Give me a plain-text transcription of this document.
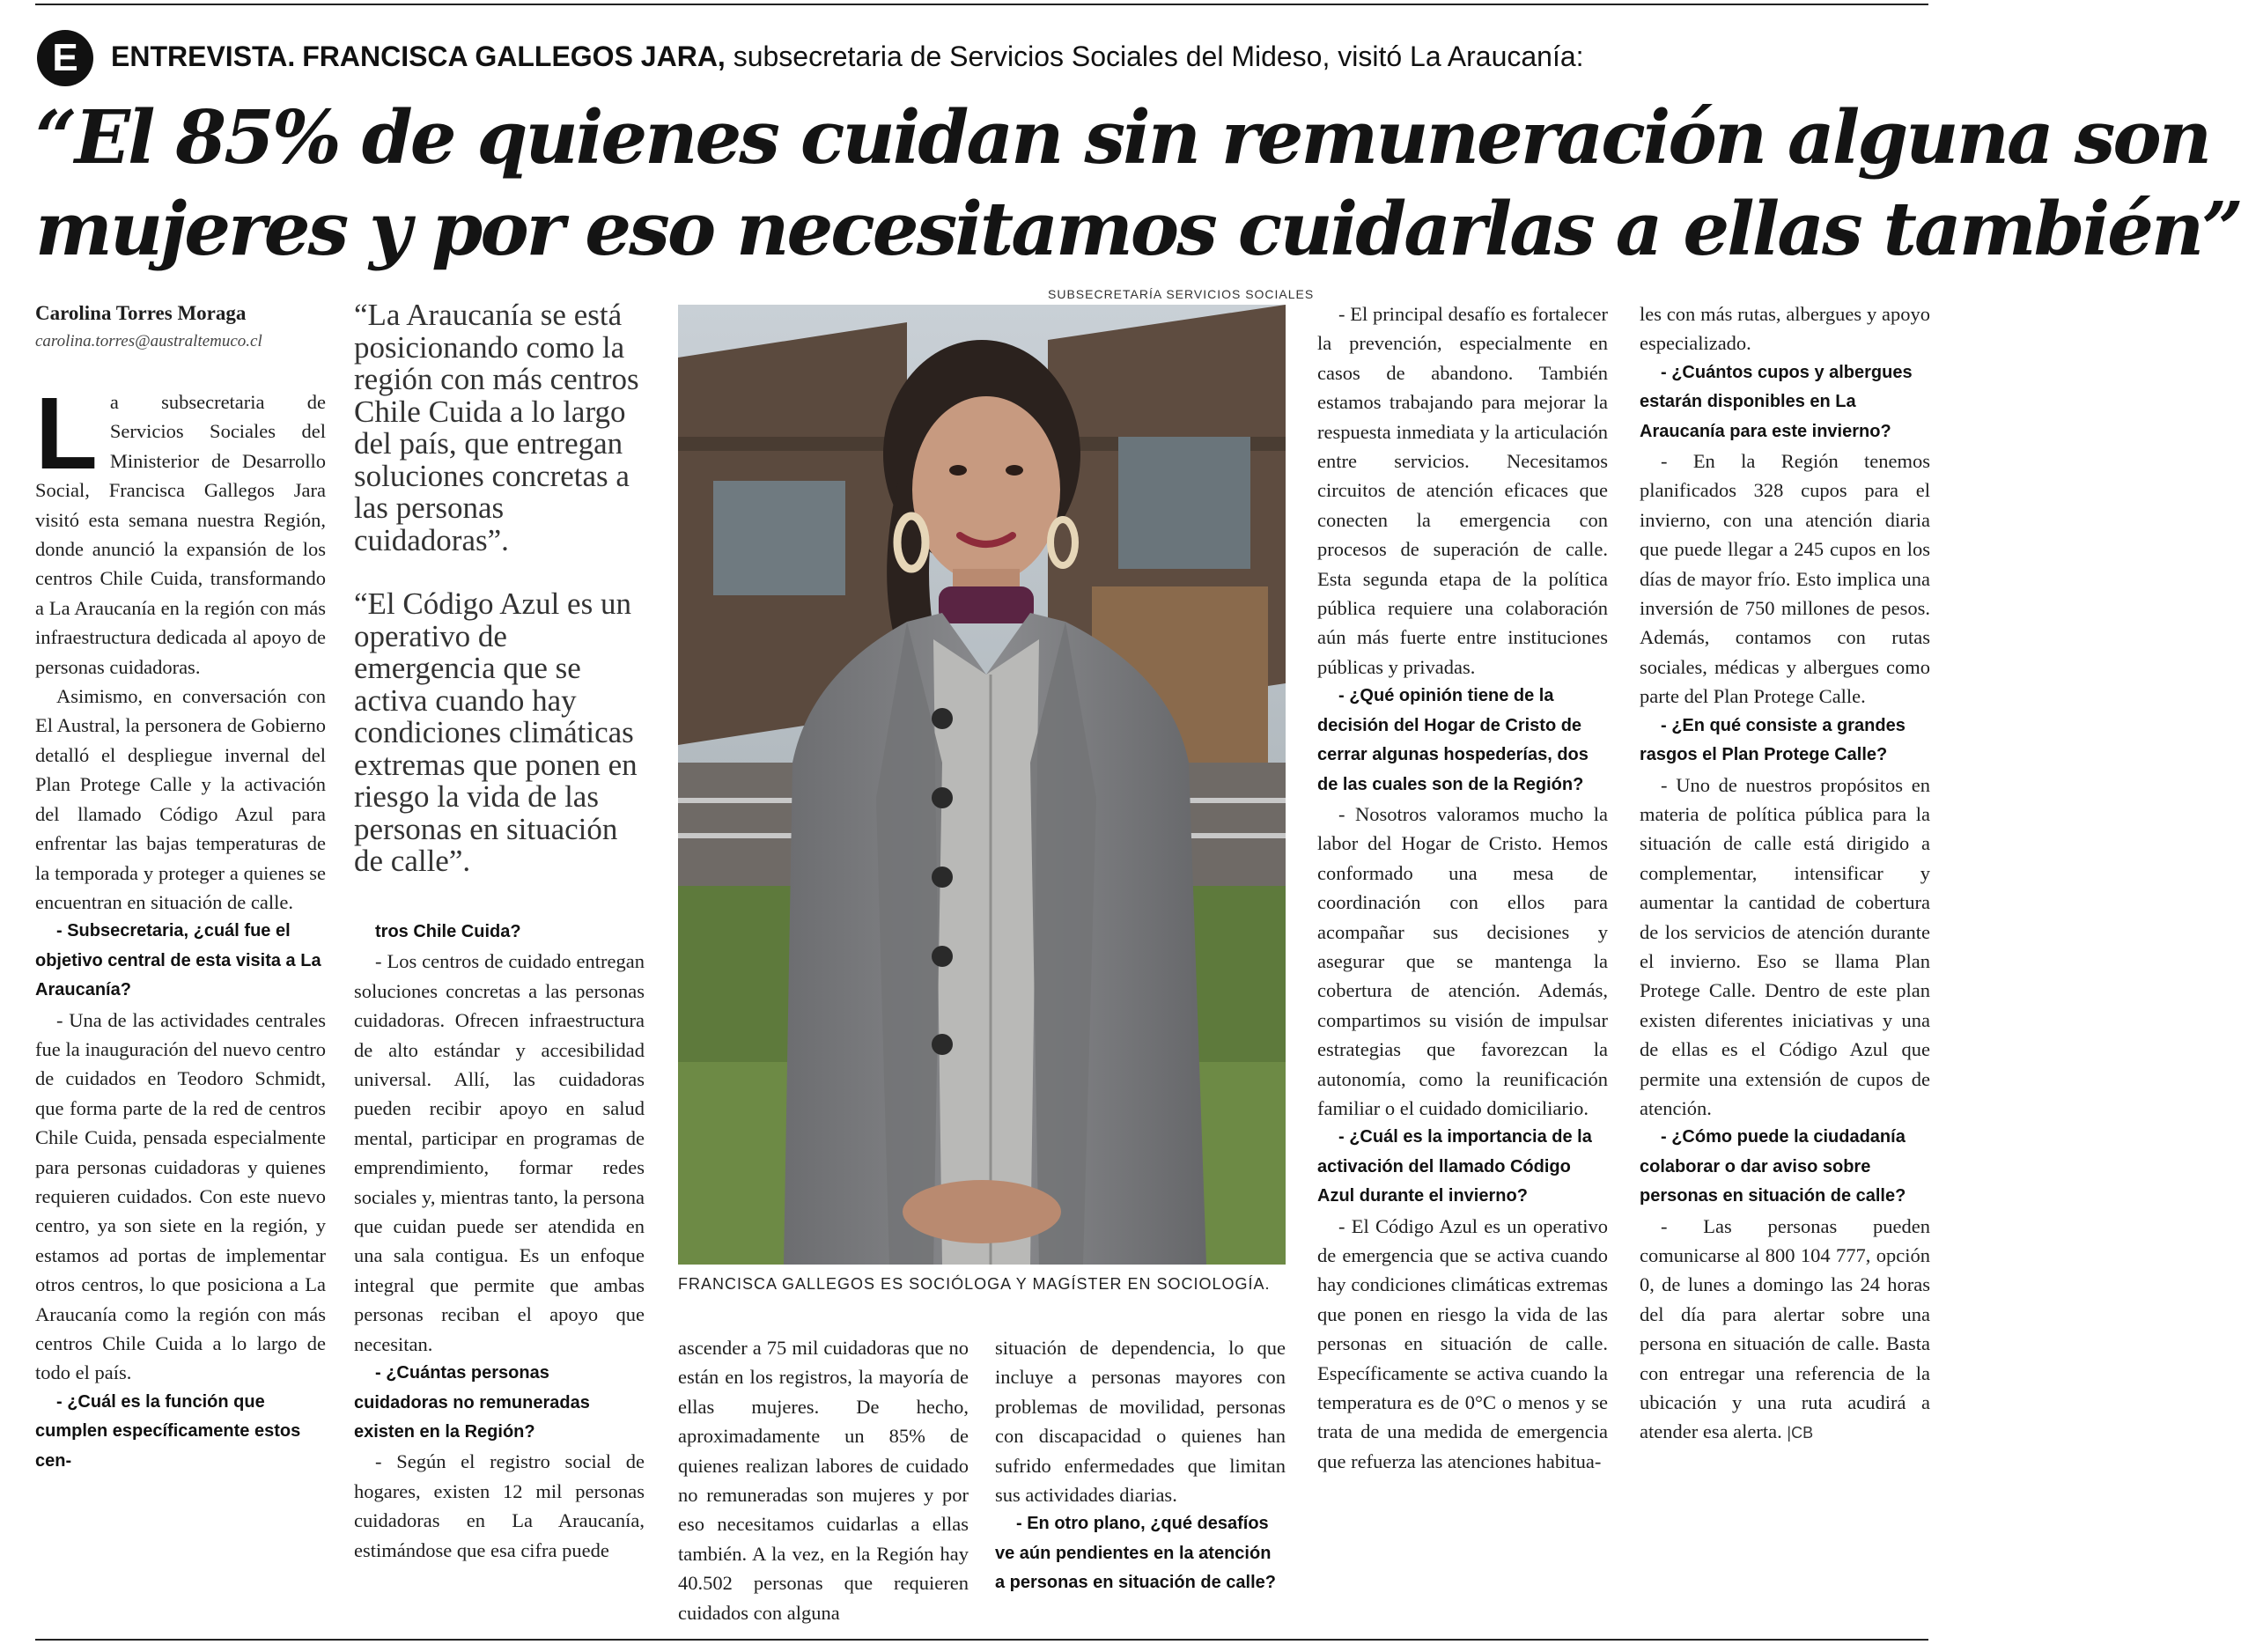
E	ENTREVISTA. FRANCISCA GALLEGOS JARA, subsecretaria de Servicios Sociales del Mideso, visitó La Araucanía:
“El 85% de quienes cuidan sin remuneración alguna son
mujeres y por eso necesitamos cuidarlas a ellas también”

Carolina Torres Moraga

carolina.torres@australtemuco.cl

La subsecretaria de Servicios Sociales del Ministerior de Desarrollo Social, Francisca Gallegos Jara visitó esta semana nuestra Región, donde anunció la expansión de los centros Chile Cuida, transformando a La Araucanía en la región con más infraestructura dedicada al apoyo de personas cuidadoras.

Asimismo, en conversación con El Austral, la personera de Gobierno detalló el despliegue invernal del Plan Protege Calle y la activación del llamado Código Azul para enfrentar las bajas temperaturas de la temporada y proteger a quienes se encuentran en situación de calle.

- Subsecretaria, ¿cuál fue el objetivo central de esta visita a La Araucanía?

- Una de las actividades centrales fue la inauguración del nuevo centro de cuidados en Teodoro Schmidt, que forma parte de la red de centros Chile Cuida, pensada especialmente para personas cuidadoras y quienes requieren cuidados. Con este nuevo centro, ya son siete en la región, y estamos ad portas de implementar otros centros, lo que posiciona a La Araucanía como la región con más centros Chile Cuida a lo largo de todo el país.

- ¿Cuál es la función que cumplen específicamente estos cen-

“La Araucanía se está posicionando como la región con más centros Chile Cuida a lo largo del país, que entregan soluciones concretas a las personas cuidadoras”.

“El Código Azul es un operativo de emergencia que se activa cuando hay condiciones climáticas extremas que ponen en riesgo la vida de las personas en situación de calle”.

tros Chile Cuida?

- Los centros de cuidado entregan soluciones concretas a las personas cuidadoras. Ofrecen infraestructura de alto estándar y accesibilidad universal. Allí, las cuidadoras pueden recibir apoyo en salud mental, participar en programas de emprendimiento, formar redes sociales y, mientras tanto, la persona que cuidan puede ser atendida en una sala contigua. Es un enfoque integral que permite que ambas personas reciban el apoyo que necesitan.

- ¿Cuántas personas cuidadoras no remuneradas existen en la Región?

- Según el registro social de hogares, existen 12 mil personas cuidadoras en La Araucanía, estimándose que esa cifra puede

SUBSECRETARÍA SERVICIOS SOCIALES
FRANCISCA GALLEGOS ES SOCIÓLOGA Y MAGÍSTER EN SOCIOLOGÍA.

ascender a 75 mil cuidadoras que no están en los registros, la mayoría de ellas mujeres. De hecho, aproximadamente un 85% de quienes realizan labores de cuidado no remuneradas son mujeres y por eso necesitamos cuidarlas a ellas también. A la vez, en la Región hay 40.502 personas que requieren cuidados con alguna

situación de dependencia, lo que incluye a personas mayores con problemas de movilidad, personas con discapacidad o quienes han sufrido enfermedades que limitan sus actividades diarias.

- En otro plano, ¿qué desafíos ve aún pendientes en la atención a personas en situación de calle?

- El principal desafío es fortalecer la prevención, especialmente en casos de abandono. También estamos trabajando para mejorar la respuesta inmediata y la articulación entre servicios. Necesitamos circuitos de atención eficaces que conecten la emergencia con procesos de superación de calle. Esta segunda etapa de la política pública requiere una colaboración aún más fuerte entre instituciones públicas y privadas.

- ¿Qué opinión tiene de la decisión del Hogar de Cristo de cerrar algunas hospederías, dos de las cuales son de la Región?

- Nosotros valoramos mucho la labor del Hogar de Cristo. Hemos conformado una mesa de coordinación con ellos para acompañar sus decisiones y asegurar que se mantenga la cobertura de atención. Además, compartimos su visión de impulsar estrategias que favorezcan la autonomía, como la reunificación familiar o el cuidado domiciliario.

- ¿Cuál es la importancia de la activación del llamado Código Azul durante el invierno?

- El Código Azul es un operativo de emergencia que se activa cuando hay condiciones climáticas extremas que ponen en riesgo la vida de las personas en situación de calle. Específicamente se activa cuando la temperatura es de 0°C o menos y se trata de una medida de emergencia que refuerza las atenciones habitua-

les con más rutas, albergues y apoyo especializado.

- ¿Cuántos cupos y albergues estarán disponibles en La Araucanía para este invierno?

- En la Región tenemos planificados 328 cupos para el invierno, con una atención diaria que puede llegar a 245 cupos en los días de mayor frío. Esto implica una inversión de 750 millones de pesos. Además, contamos con rutas sociales, médicas y albergues como parte del Plan Protege Calle.

- ¿En qué consiste a grandes rasgos el Plan Protege Calle?

- Uno de nuestros propósitos en materia de política pública para la situación de calle está dirigido a complementar, intensificar y aumentar la cantidad de cobertura de los servicios de atención durante el invierno. Eso se llama Plan Protege Calle. Dentro de este plan existen diferentes iniciativas y una de ellas es el Código Azul que permite una extensión de cupos de atención.

- ¿Cómo puede la ciudadanía colaborar o dar aviso sobre personas en situación de calle?

- Las personas pueden comunicarse al 800 104 777, opción 0, de lunes a domingo las 24 horas del día para alertar sobre una persona en situación de calle. Basta con entregar una referencia de la ubicación y una ruta acudirá a atender esa alerta. |CB
